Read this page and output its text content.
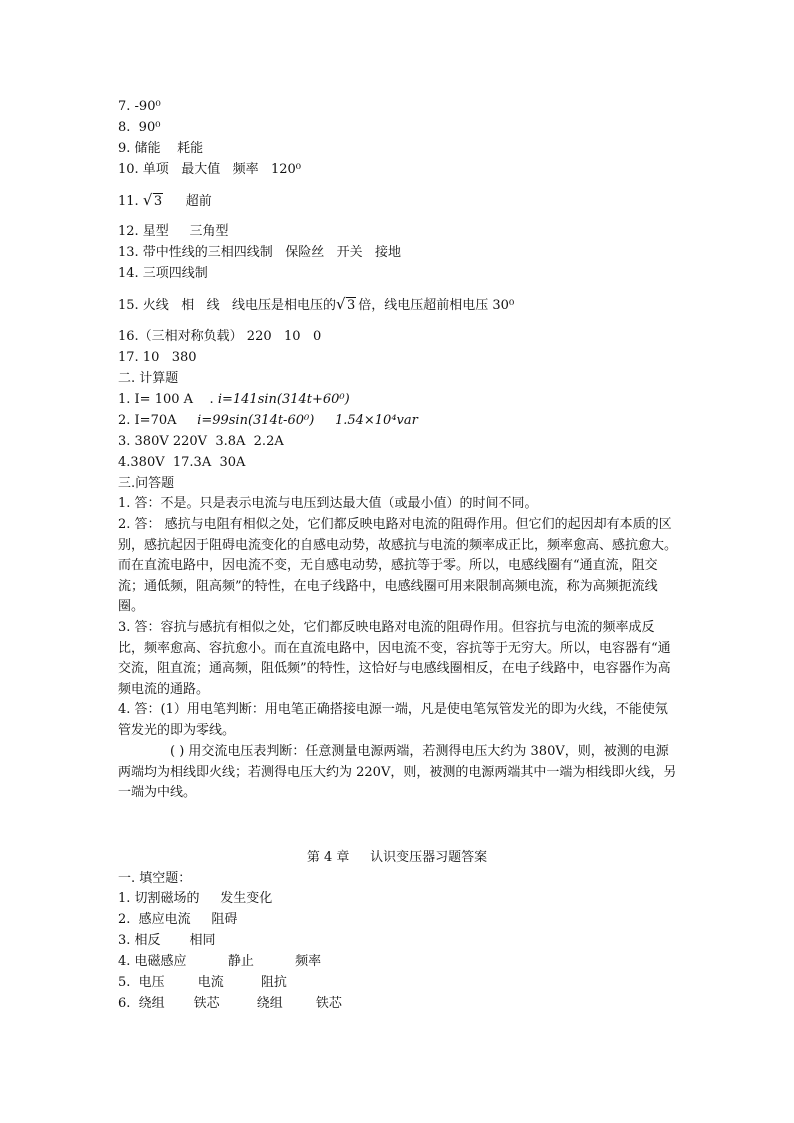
7. -90⁰
8.  90⁰
9. 储能    耗能
10. 单项   最大值   频率   120⁰
11. √ 3 超前
12. 星型     三角型
13. 带中性线的三相四线制   保险丝   开关   接地
14. 三项四线制
15. 火线   相   线   线电压是相电压的 √ 3 倍，线电压超前相电压 30⁰
16.（三相对称负载） 220   10   0
17. 10   380
二. 计算题
1. I= 100 A    . i=141sin(314t+60⁰)
2. I=70A     i=99sin(314t-60⁰)     1.54×10⁴var
3. 380V 220V  3.8A  2.2A
4.380V  17.3A  30A
三.问答题
1. 答：不是。只是表示电流与电压到达最大值（或最小值）的时间不同。
2. 答： 感抗与电阻有相似之处，它们都反映电路对电流的阻碍作用。但它们的起因却有本质的区别，感抗起因于阻碍电流变化的自感电动势，故感抗与电流的频率成正比，频率愈高、感抗愈大。而在直流电路中，因电流不变，无自感电动势，感抗等于零。所以，电感线圈有“通直流，阻交流；通低频，阻高频”的特性，在电子线路中，电感线圈可用来限制高频电流，称为高频扼流线圈。
3. 答：容抗与感抗有相似之处，它们都反映电路对电流的阻碍作用。但容抗与电流的频率成反比，频率愈高、容抗愈小。而在直流电路中，因电流不变，容抗等于无穷大。所以，电容器有“通交流，阻直流；通高频，阻低频”的特性，这恰好与电感线圈相反，在电子线路中，电容器作为高频电流的通路。
4. 答：(1）用电笔判断：用电笔正确搭接电源一端，凡是使电笔氖管发光的即为火线，不能使氖管发光的即为零线。
( ) 用交流电压表判断：任意测量电源两端，若测得电压大约为 380V，则，被测的电源两端均为相线即火线；若测得电压大约为 220V，则，被测的电源两端其中一端为相线即火线，另一端为中线。
第 4 章     认识变压器习题答案
一. 填空题：
1. 切割磁场的     发生变化
2.  感应电流     阻碍
3. 相反       相同
4. 电磁感应          静止          频率
5.  电压        电流         阻抗
6.  绕组       铁芯         绕组        铁芯
